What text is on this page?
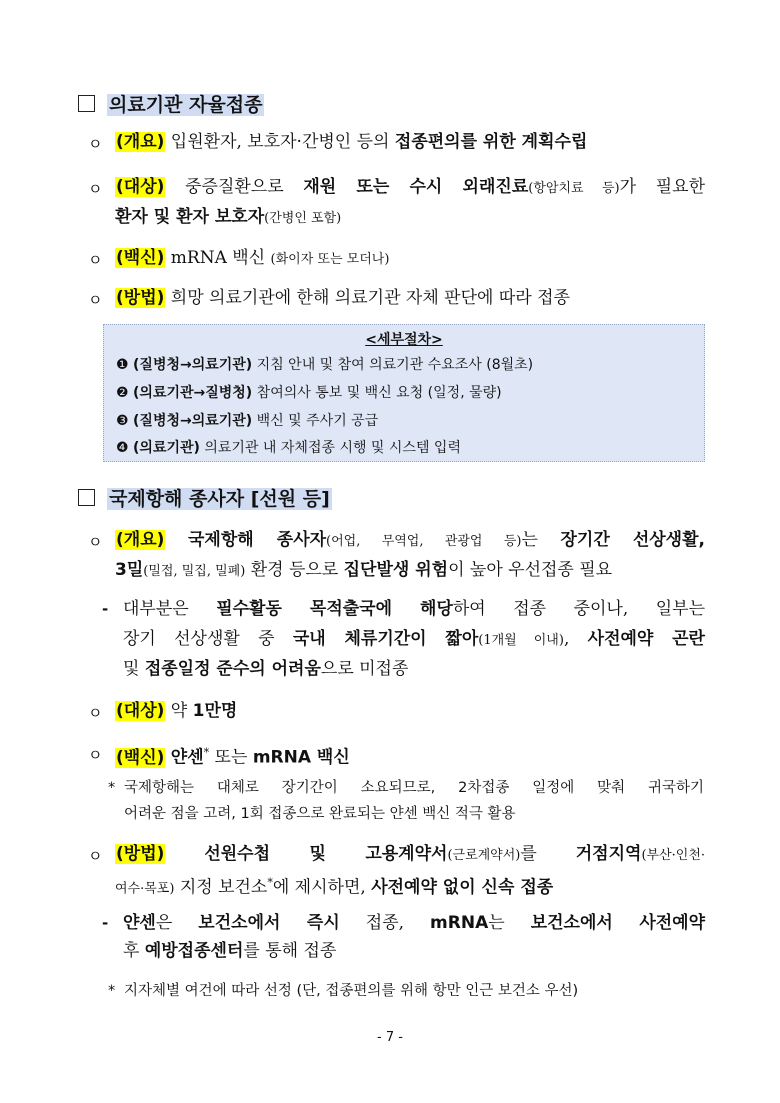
의료기관 자율접종
ㅇ (개요) 입원환자, 보호자·간병인 등의 접종편의를 위한 계획수립
ㅇ (대상) 중증질환으로 재원 또는 수시 외래진료(항암치료 등)가 필요한
환자 및 환자 보호자(간병인 포함)
ㅇ (백신) mRNA 백신 (화이자 또는 모더나)
ㅇ (방법) 희망 의료기관에 한해 의료기관 자체 판단에 따라 접종
<세부절차>
❶ (질병청→의료기관) 지침 안내 및 참여 의료기관 수요조사 (8월초)
❷ (의료기관→질병청) 참여의사 통보 및 백신 요청 (일정, 물량)
❸ (질병청→의료기관) 백신 및 주사기 공급
❹ (의료기관) 의료기관 내 자체접종 시행 및 시스템 입력
국제항해 종사자 [선원 등]
ㅇ (개요) 국제항해 종사자(어업, 무역업, 관광업 등)는 장기간 선상생활,
3밀(밀접, 밀집, 밀폐) 환경 등으로 집단발생 위험이 높아 우선접종 필요
- 대부분은 필수활동 목적출국에 해당하여 접종 중이나, 일부는
장기 선상생활 중 국내 체류기간이 짧아(1개월 이내), 사전예약 곤란
및 접종일정 준수의 어려움으로 미접종
ㅇ (대상) 약 1만명
ㅇ (백신) 얀센* 또는 mRNA 백신
* 국제항해는 대체로 장기간이 소요되므로, 2차접종 일정에 맞춰 귀국하기
어려운 점을 고려, 1회 접종으로 완료되는 얀센 백신 적극 활용
ㅇ (방법) 선원수첩 및 고용계약서(근로계약서)를 거점지역(부산·인천·
여수·목포) 지정 보건소*에 제시하면, 사전예약 없이 신속 접종
- 얀센은 보건소에서 즉시 접종, mRNA는 보건소에서 사전예약
후 예방접종센터를 통해 접종
* 지자체별 여건에 따라 선정 (단, 접종편의를 위해 항만 인근 보건소 우선)
- 7 -
